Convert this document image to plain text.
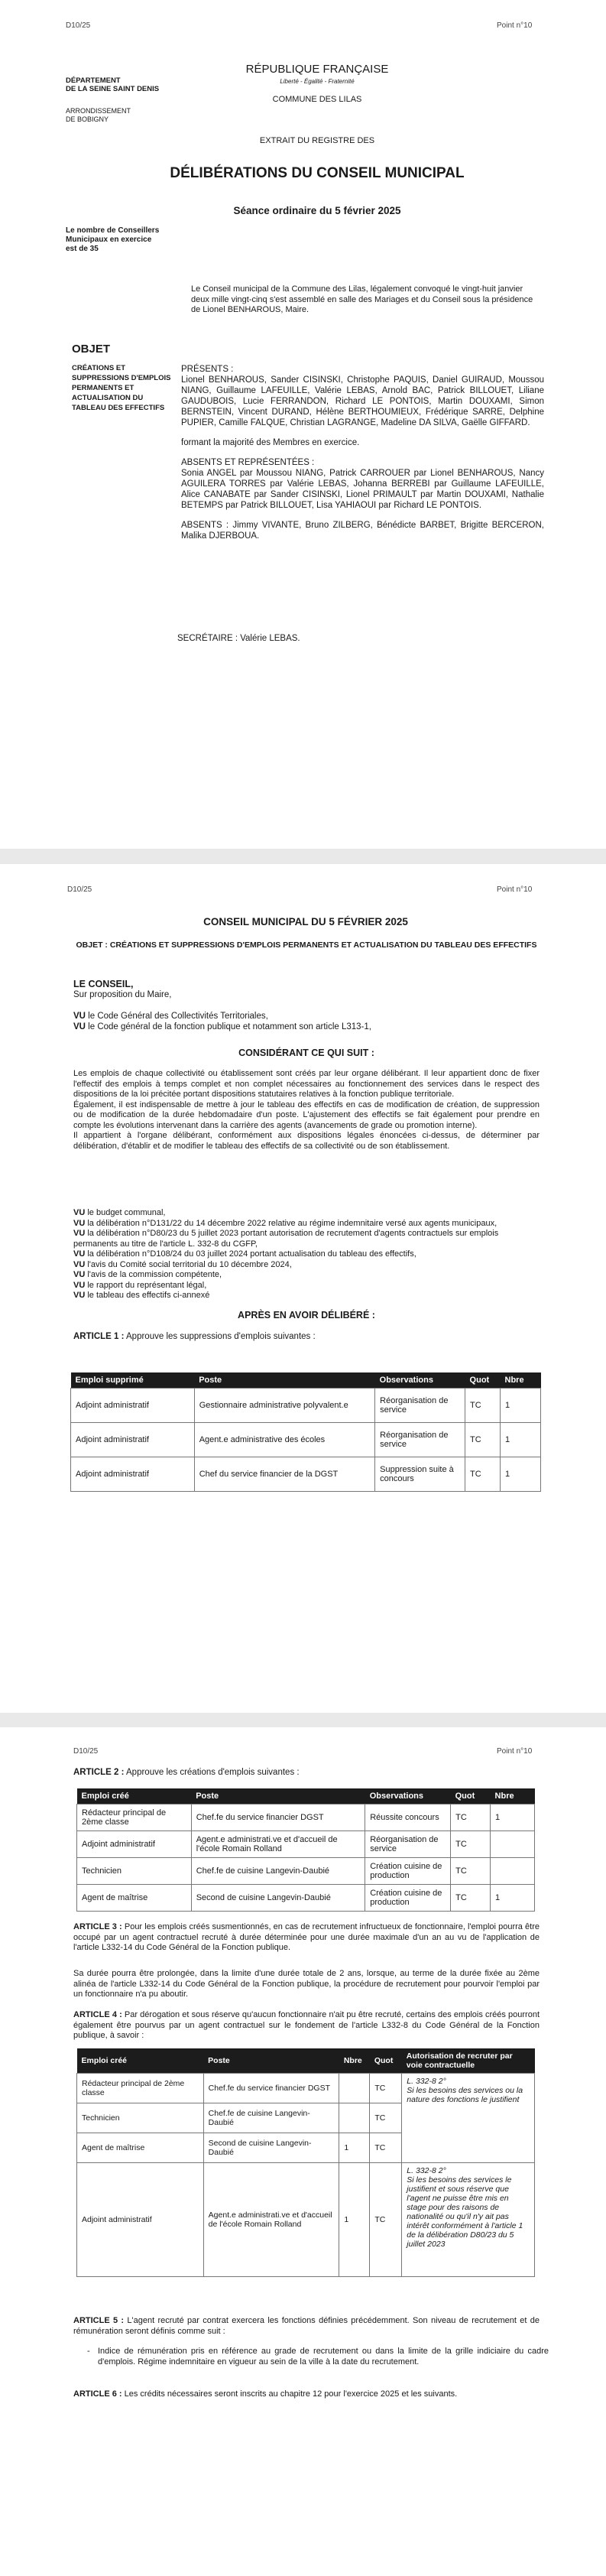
D10/25	Point n°10
DÉPARTEMENT
DE LA SEINE SAINT DENIS
ARRONDISSEMENT
DE BOBIGNY
RÉPUBLIQUE FRANÇAISE
Liberté - Égalité - Fraternité
COMMUNE DES LILAS
EXTRAIT DU REGISTRE DES
DÉLIBÉRATIONS DU CONSEIL MUNICIPAL
Séance ordinaire du 5 février 2025
Le nombre de Conseillers
Municipaux en exercice
est de 35
Le Conseil municipal de la Commune des Lilas, légalement convoqué le vingt-huit janvier deux mille vingt-cinq s'est assemblé en salle des Mariages et du Conseil sous la présidence de Lionel BENHAROUS, Maire.
OBJET
CRÉATIONS ET SUPPRESSIONS D'EMPLOIS PERMANENTS ET ACTUALISATION DU TABLEAU DES EFFECTIFS
PRÉSENTS :
Lionel BENHAROUS, Sander CISINSKI, Christophe PAQUIS, Daniel GUIRAUD, Moussou NIANG, Guillaume LAFEUILLE, Valérie LEBAS, Arnold BAC, Patrick BILLOUET, Liliane GAUDUBOIS, Lucie FERRANDON, Richard LE PONTOIS, Martin DOUXAMI, Simon BERNSTEIN, Vincent DURAND, Hélène BERTHOUMIEUX, Frédérique SARRE, Delphine PUPIER, Camille FALQUE, Christian LAGRANGE, Madeline DA SILVA, Gaëlle GIFFARD.
formant la majorité des Membres en exercice.
ABSENTS ET REPRÉSENTÉES :
Sonia ANGEL par Moussou NIANG, Patrick CARROUER par Lionel BENHAROUS, Nancy AGUILERA TORRES par Valérie LEBAS, Johanna BERREBI par Guillaume LAFEUILLE, Alice CANABATE par Sander CISINSKI, Lionel PRIMAULT par Martin DOUXAMI, Nathalie BETEMPS par Patrick BILLOUET, Lisa YAHIAOUI par Richard LE PONTOIS.
ABSENTS : Jimmy VIVANTE, Bruno ZILBERG, Bénédicte BARBET, Brigitte BERCERON, Malika DJERBOUA.
SECRÉTAIRE : Valérie LEBAS.
D10/25	Point n°10
CONSEIL MUNICIPAL DU 5 FÉVRIER 2025
OBJET : CRÉATIONS ET SUPPRESSIONS D'EMPLOIS PERMANENTS ET ACTUALISATION DU TABLEAU DES EFFECTIFS
LE CONSEIL,
Sur proposition du Maire,
VU le Code Général des Collectivités Territoriales,
VU le Code général de la fonction publique et notamment son article L313-1,
CONSIDÉRANT CE QUI SUIT :
Les emplois de chaque collectivité ou établissement sont créés par leur organe délibérant. Il leur appartient donc de fixer l'effectif des emplois à temps complet et non complet nécessaires au fonctionnement des services dans le respect des dispositions de la loi précitée portant dispositions statutaires relatives à la fonction publique territoriale.
Également, il est indispensable de mettre à jour le tableau des effectifs en cas de modification de création, de suppression ou de modification de la durée hebdomadaire d'un poste. L'ajustement des effectifs se fait également pour prendre en compte les évolutions intervenant dans la carrière des agents (avancements de grade ou promotion interne).
Il appartient à l'organe délibérant, conformément aux dispositions légales énoncées ci-dessus, de déterminer par délibération, d'établir et de modifier le tableau des effectifs de sa collectivité ou de son établissement.
VU le budget communal,
VU la délibération n°D131/22 du 14 décembre 2022 relative au régime indemnitaire versé aux agents municipaux,
VU la délibération n°D80/23 du 5 juillet 2023 portant autorisation de recrutement d'agents contractuels sur emplois permanents au titre de l'article L. 332-8 du CGFP,
VU la délibération n°D108/24 du 03 juillet 2024 portant actualisation du tableau des effectifs,
VU l'avis du Comité social territorial du 10 décembre 2024,
VU l'avis de la commission compétente,
VU le rapport du représentant légal,
VU le tableau des effectifs ci-annexé
APRÈS EN AVOIR DÉLIBÉRÉ :
ARTICLE 1 : Approuve les suppressions d'emplois suivantes :
Emploi supprimé	Poste	Observations	Quot	Nbre
Adjoint administratif	Gestionnaire administrative polyvalent.e	Réorganisation de service	TC	1
Adjoint administratif	Agent.e administrative des écoles	Réorganisation de service	TC	1
Adjoint administratif	Chef du service financier de la DGST	Suppression suite à concours	TC	1
D10/25	Point n°10
ARTICLE 2 : Approuve les créations d'emplois suivantes :
Emploi créé	Poste	Observations	Quot	Nbre
Rédacteur principal de 2ème classe	Chef.fe du service financier DGST	Réussite concours	TC	1
Adjoint administratif	Agent.e administrati.ve et d'accueil de l'école Romain Rolland	Réorganisation de service	TC	
Technicien	Chef.fe de cuisine Langevin-Daubié	Création cuisine de production	TC	
Agent de maîtrise	Second de cuisine Langevin-Daubié	Création cuisine de production	TC	1
ARTICLE 3 : Pour les emplois créés susmentionnés, en cas de recrutement infructueux de fonctionnaire, l'emploi pourra être occupé par un agent contractuel recruté à durée déterminée pour une durée maximale d'un an au vu de l'application de l'article L332-14 du Code Général de la Fonction publique.
Sa durée pourra être prolongée, dans la limite d'une durée totale de 2 ans, lorsque, au terme de la durée fixée au 2ème alinéa de l'article L332-14 du Code Général de la Fonction publique, la procédure de recrutement pour pourvoir l'emploi par un fonctionnaire n'a pu aboutir.
ARTICLE 4 : Par dérogation et sous réserve qu'aucun fonctionnaire n'ait pu être recruté, certains des emplois créés pourront également être pourvus par un agent contractuel sur le fondement de l'article L332-8 du Code Général de la Fonction publique, à savoir :
Emploi créé	Poste	Nbre	Quot	Autorisation de recruter par voie contractuelle
Rédacteur principal de 2ème classe	Chef.fe du service financier DGST		TC	L. 332-8 2°
Si les besoins des services ou la nature des fonctions le justifient

Technicien	Chef.fe de cuisine Langevin-Daubié		TC	
Agent de maîtrise	Second de cuisine Langevin-Daubié	1	TC	
Adjoint administratif	Agent.e administrati.ve et d'accueil de l'école Romain Rolland	1	TC	L. 332-8 2°
Si les besoins des services le justifient et sous réserve que l'agent ne puisse être mis en stage pour des raisons de nationalité ou qu'il n'y ait pas intérêt conformément à l'article 1 de la délibération D80/23 du 5 juillet 2023
ARTICLE 5 : L'agent recruté par contrat exercera les fonctions définies précédemment. Son niveau de recrutement et de rémunération seront définis comme suit :
- Indice de rémunération pris en référence au grade de recrutement ou dans la limite de la grille indiciaire du cadre d'emplois. Régime indemnitaire en vigueur au sein de la ville à la date du recrutement.
ARTICLE 6 : Les crédits nécessaires seront inscrits au chapitre 12 pour l'exercice 2025 et les suivants.
